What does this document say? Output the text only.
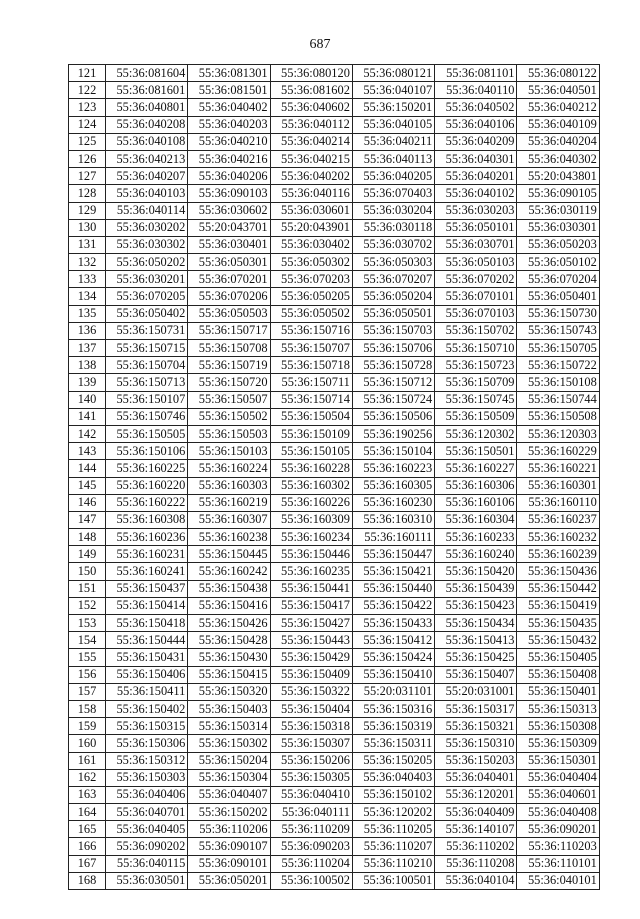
687
121	55:36:081604	55:36:081301	55:36:080120	55:36:080121	55:36:081101	55:36:080122
122	55:36:081601	55:36:081501	55:36:081602	55:36:040107	55:36:040110	55:36:040501
123	55:36:040801	55:36:040402	55:36:040602	55:36:150201	55:36:040502	55:36:040212
124	55:36:040208	55:36:040203	55:36:040112	55:36:040105	55:36:040106	55:36:040109
125	55:36:040108	55:36:040210	55:36:040214	55:36:040211	55:36:040209	55:36:040204
126	55:36:040213	55:36:040216	55:36:040215	55:36:040113	55:36:040301	55:36:040302
127	55:36:040207	55:36:040206	55:36:040202	55:36:040205	55:36:040201	55:20:043801
128	55:36:040103	55:36:090103	55:36:040116	55:36:070403	55:36:040102	55:36:090105
129	55:36:040114	55:36:030602	55:36:030601	55:36:030204	55:36:030203	55:36:030119
130	55:36:030202	55:20:043701	55:20:043901	55:36:030118	55:36:050101	55:36:030301
131	55:36:030302	55:36:030401	55:36:030402	55:36:030702	55:36:030701	55:36:050203
132	55:36:050202	55:36:050301	55:36:050302	55:36:050303	55:36:050103	55:36:050102
133	55:36:030201	55:36:070201	55:36:070203	55:36:070207	55:36:070202	55:36:070204
134	55:36:070205	55:36:070206	55:36:050205	55:36:050204	55:36:070101	55:36:050401
135	55:36:050402	55:36:050503	55:36:050502	55:36:050501	55:36:070103	55:36:150730
136	55:36:150731	55:36:150717	55:36:150716	55:36:150703	55:36:150702	55:36:150743
137	55:36:150715	55:36:150708	55:36:150707	55:36:150706	55:36:150710	55:36:150705
138	55:36:150704	55:36:150719	55:36:150718	55:36:150728	55:36:150723	55:36:150722
139	55:36:150713	55:36:150720	55:36:150711	55:36:150712	55:36:150709	55:36:150108
140	55:36:150107	55:36:150507	55:36:150714	55:36:150724	55:36:150745	55:36:150744
141	55:36:150746	55:36:150502	55:36:150504	55:36:150506	55:36:150509	55:36:150508
142	55:36:150505	55:36:150503	55:36:150109	55:36:190256	55:36:120302	55:36:120303
143	55:36:150106	55:36:150103	55:36:150105	55:36:150104	55:36:150501	55:36:160229
144	55:36:160225	55:36:160224	55:36:160228	55:36:160223	55:36:160227	55:36:160221
145	55:36:160220	55:36:160303	55:36:160302	55:36:160305	55:36:160306	55:36:160301
146	55:36:160222	55:36:160219	55:36:160226	55:36:160230	55:36:160106	55:36:160110
147	55:36:160308	55:36:160307	55:36:160309	55:36:160310	55:36:160304	55:36:160237
148	55:36:160236	55:36:160238	55:36:160234	55:36:160111	55:36:160233	55:36:160232
149	55:36:160231	55:36:150445	55:36:150446	55:36:150447	55:36:160240	55:36:160239
150	55:36:160241	55:36:160242	55:36:160235	55:36:150421	55:36:150420	55:36:150436
151	55:36:150437	55:36:150438	55:36:150441	55:36:150440	55:36:150439	55:36:150442
152	55:36:150414	55:36:150416	55:36:150417	55:36:150422	55:36:150423	55:36:150419
153	55:36:150418	55:36:150426	55:36:150427	55:36:150433	55:36:150434	55:36:150435
154	55:36:150444	55:36:150428	55:36:150443	55:36:150412	55:36:150413	55:36:150432
155	55:36:150431	55:36:150430	55:36:150429	55:36:150424	55:36:150425	55:36:150405
156	55:36:150406	55:36:150415	55:36:150409	55:36:150410	55:36:150407	55:36:150408
157	55:36:150411	55:36:150320	55:36:150322	55:20:031101	55:20:031001	55:36:150401
158	55:36:150402	55:36:150403	55:36:150404	55:36:150316	55:36:150317	55:36:150313
159	55:36:150315	55:36:150314	55:36:150318	55:36:150319	55:36:150321	55:36:150308
160	55:36:150306	55:36:150302	55:36:150307	55:36:150311	55:36:150310	55:36:150309
161	55:36:150312	55:36:150204	55:36:150206	55:36:150205	55:36:150203	55:36:150301
162	55:36:150303	55:36:150304	55:36:150305	55:36:040403	55:36:040401	55:36:040404
163	55:36:040406	55:36:040407	55:36:040410	55:36:150102	55:36:120201	55:36:040601
164	55:36:040701	55:36:150202	55:36:040111	55:36:120202	55:36:040409	55:36:040408
165	55:36:040405	55:36:110206	55:36:110209	55:36:110205	55:36:140107	55:36:090201
166	55:36:090202	55:36:090107	55:36:090203	55:36:110207	55:36:110202	55:36:110203
167	55:36:040115	55:36:090101	55:36:110204	55:36:110210	55:36:110208	55:36:110101
168	55:36:030501	55:36:050201	55:36:100502	55:36:100501	55:36:040104	55:36:040101
